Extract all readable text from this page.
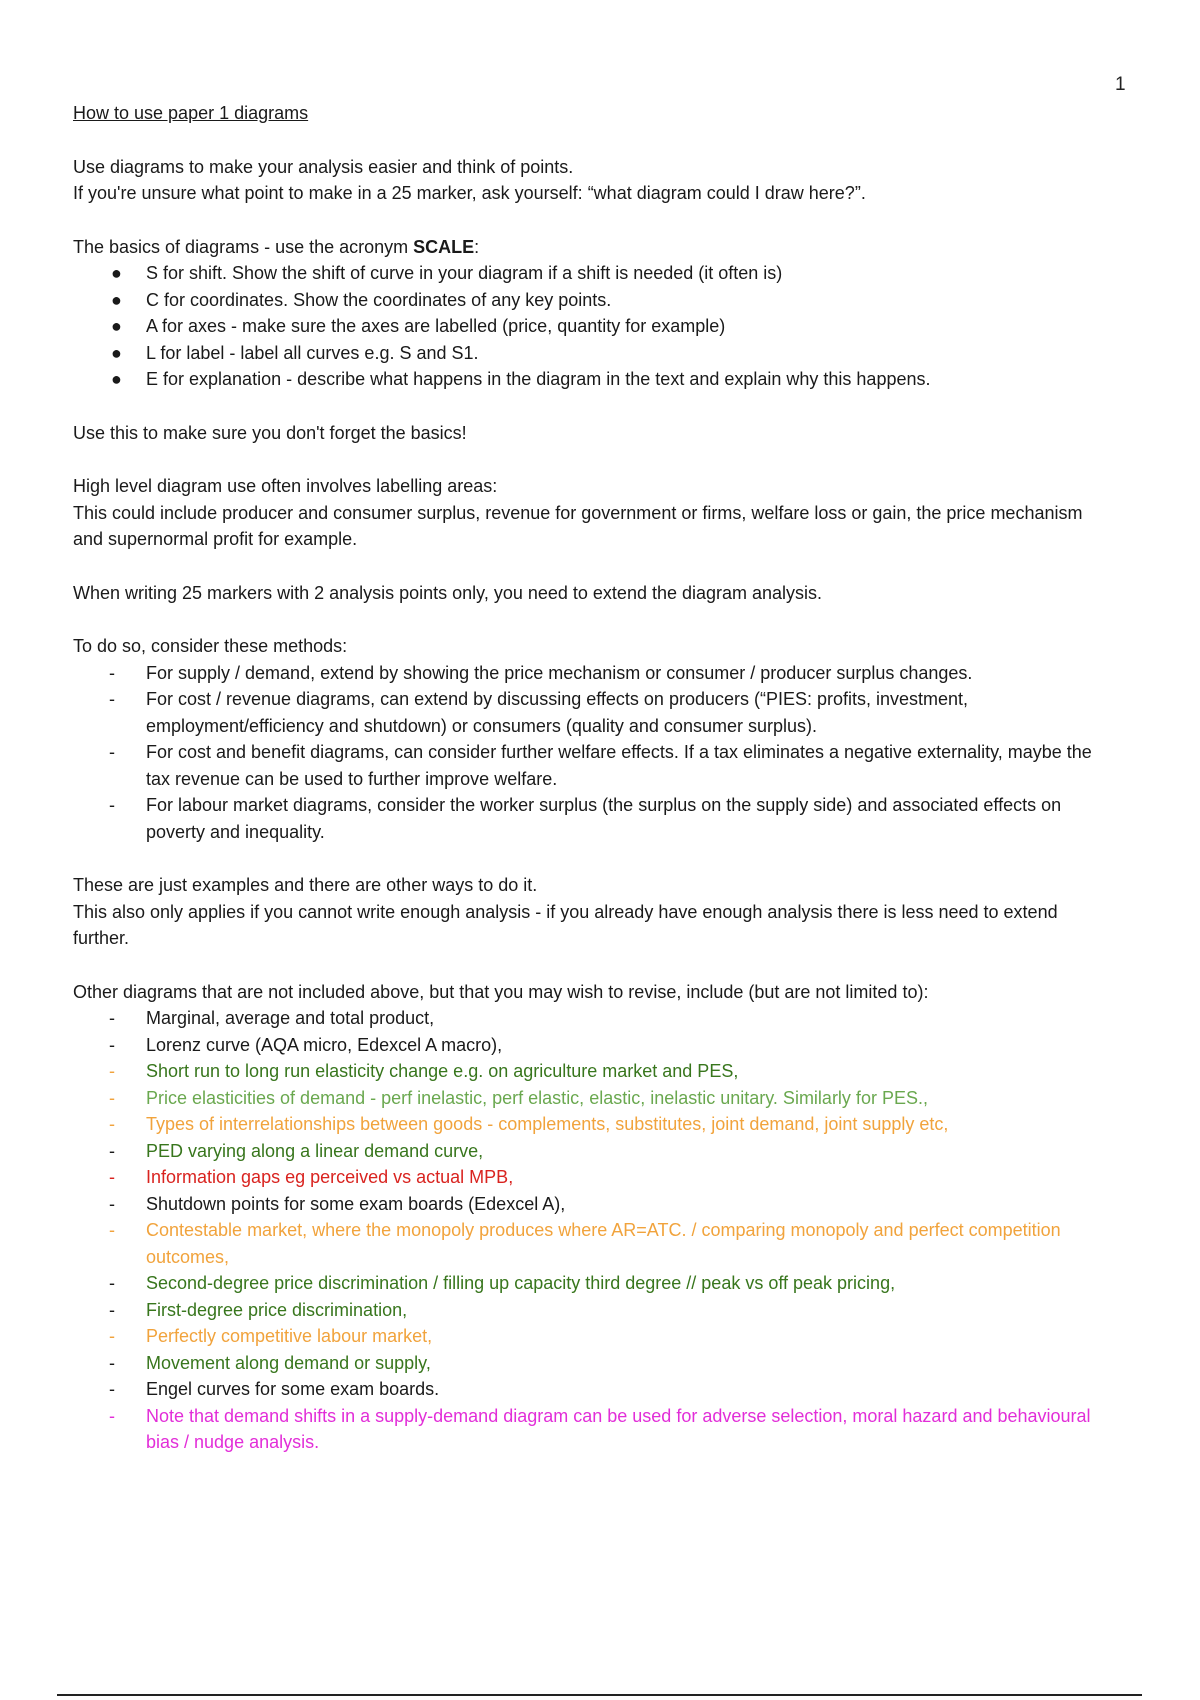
1

How to use paper 1 diagrams

Use diagrams to make your analysis easier and think of points.

If you're unsure what point to make in a 25 marker, ask yourself: “what diagram could I draw here?”.

The basics of diagrams - use the acronym SCALE:

● S for shift. Show the shift of curve in your diagram if a shift is needed (it often is)
● C for coordinates. Show the coordinates of any key points.
● A for axes - make sure the axes are labelled (price, quantity for example)
● L for label - label all curves e.g. S and S1.
● E for explanation - describe what happens in the diagram in the text and explain why this happens.

Use this to make sure you don't forget the basics!

High level diagram use often involves labelling areas:

This could include producer and consumer surplus, revenue for government or firms, welfare loss or gain, the price mechanism and supernormal profit for example.

When writing 25 markers with 2 analysis points only, you need to extend the diagram analysis.

To do so, consider these methods:

- For supply / demand, extend by showing the price mechanism or consumer / producer surplus changes.
- For cost / revenue diagrams, can extend by discussing effects on producers (“PIES: profits, investment, employment/efficiency and shutdown) or consumers (quality and consumer surplus).
- For cost and benefit diagrams, can consider further welfare effects. If a tax eliminates a negative externality, maybe the tax revenue can be used to further improve welfare.
- For labour market diagrams, consider the worker surplus (the surplus on the supply side) and associated effects on poverty and inequality.

These are just examples and there are other ways to do it.

This also only applies if you cannot write enough analysis - if you already have enough analysis there is less need to extend further.

Other diagrams that are not included above, but that you may wish to revise, include (but are not limited to):

- Marginal, average and total product,
- Lorenz curve (AQA micro, Edexcel A macro),
- Short run to long run elasticity change e.g. on agriculture market and PES,
- Price elasticities of demand - perf inelastic, perf elastic, elastic, inelastic unitary. Similarly for PES.,
- Types of interrelationships between goods - complements, substitutes, joint demand, joint supply etc,
- PED varying along a linear demand curve,
- Information gaps eg perceived vs actual MPB,
- Shutdown points for some exam boards (Edexcel A),
- Contestable market, where the monopoly produces where AR=ATC. / comparing monopoly and perfect competition outcomes,
- Second-degree price discrimination / filling up capacity third degree // peak vs off peak pricing,
- First-degree price discrimination,
- Perfectly competitive labour market,
- Movement along demand or supply,
- Engel curves for some exam boards.
- Note that demand shifts in a supply-demand diagram can be used for adverse selection, moral hazard and behavioural bias / nudge analysis.
